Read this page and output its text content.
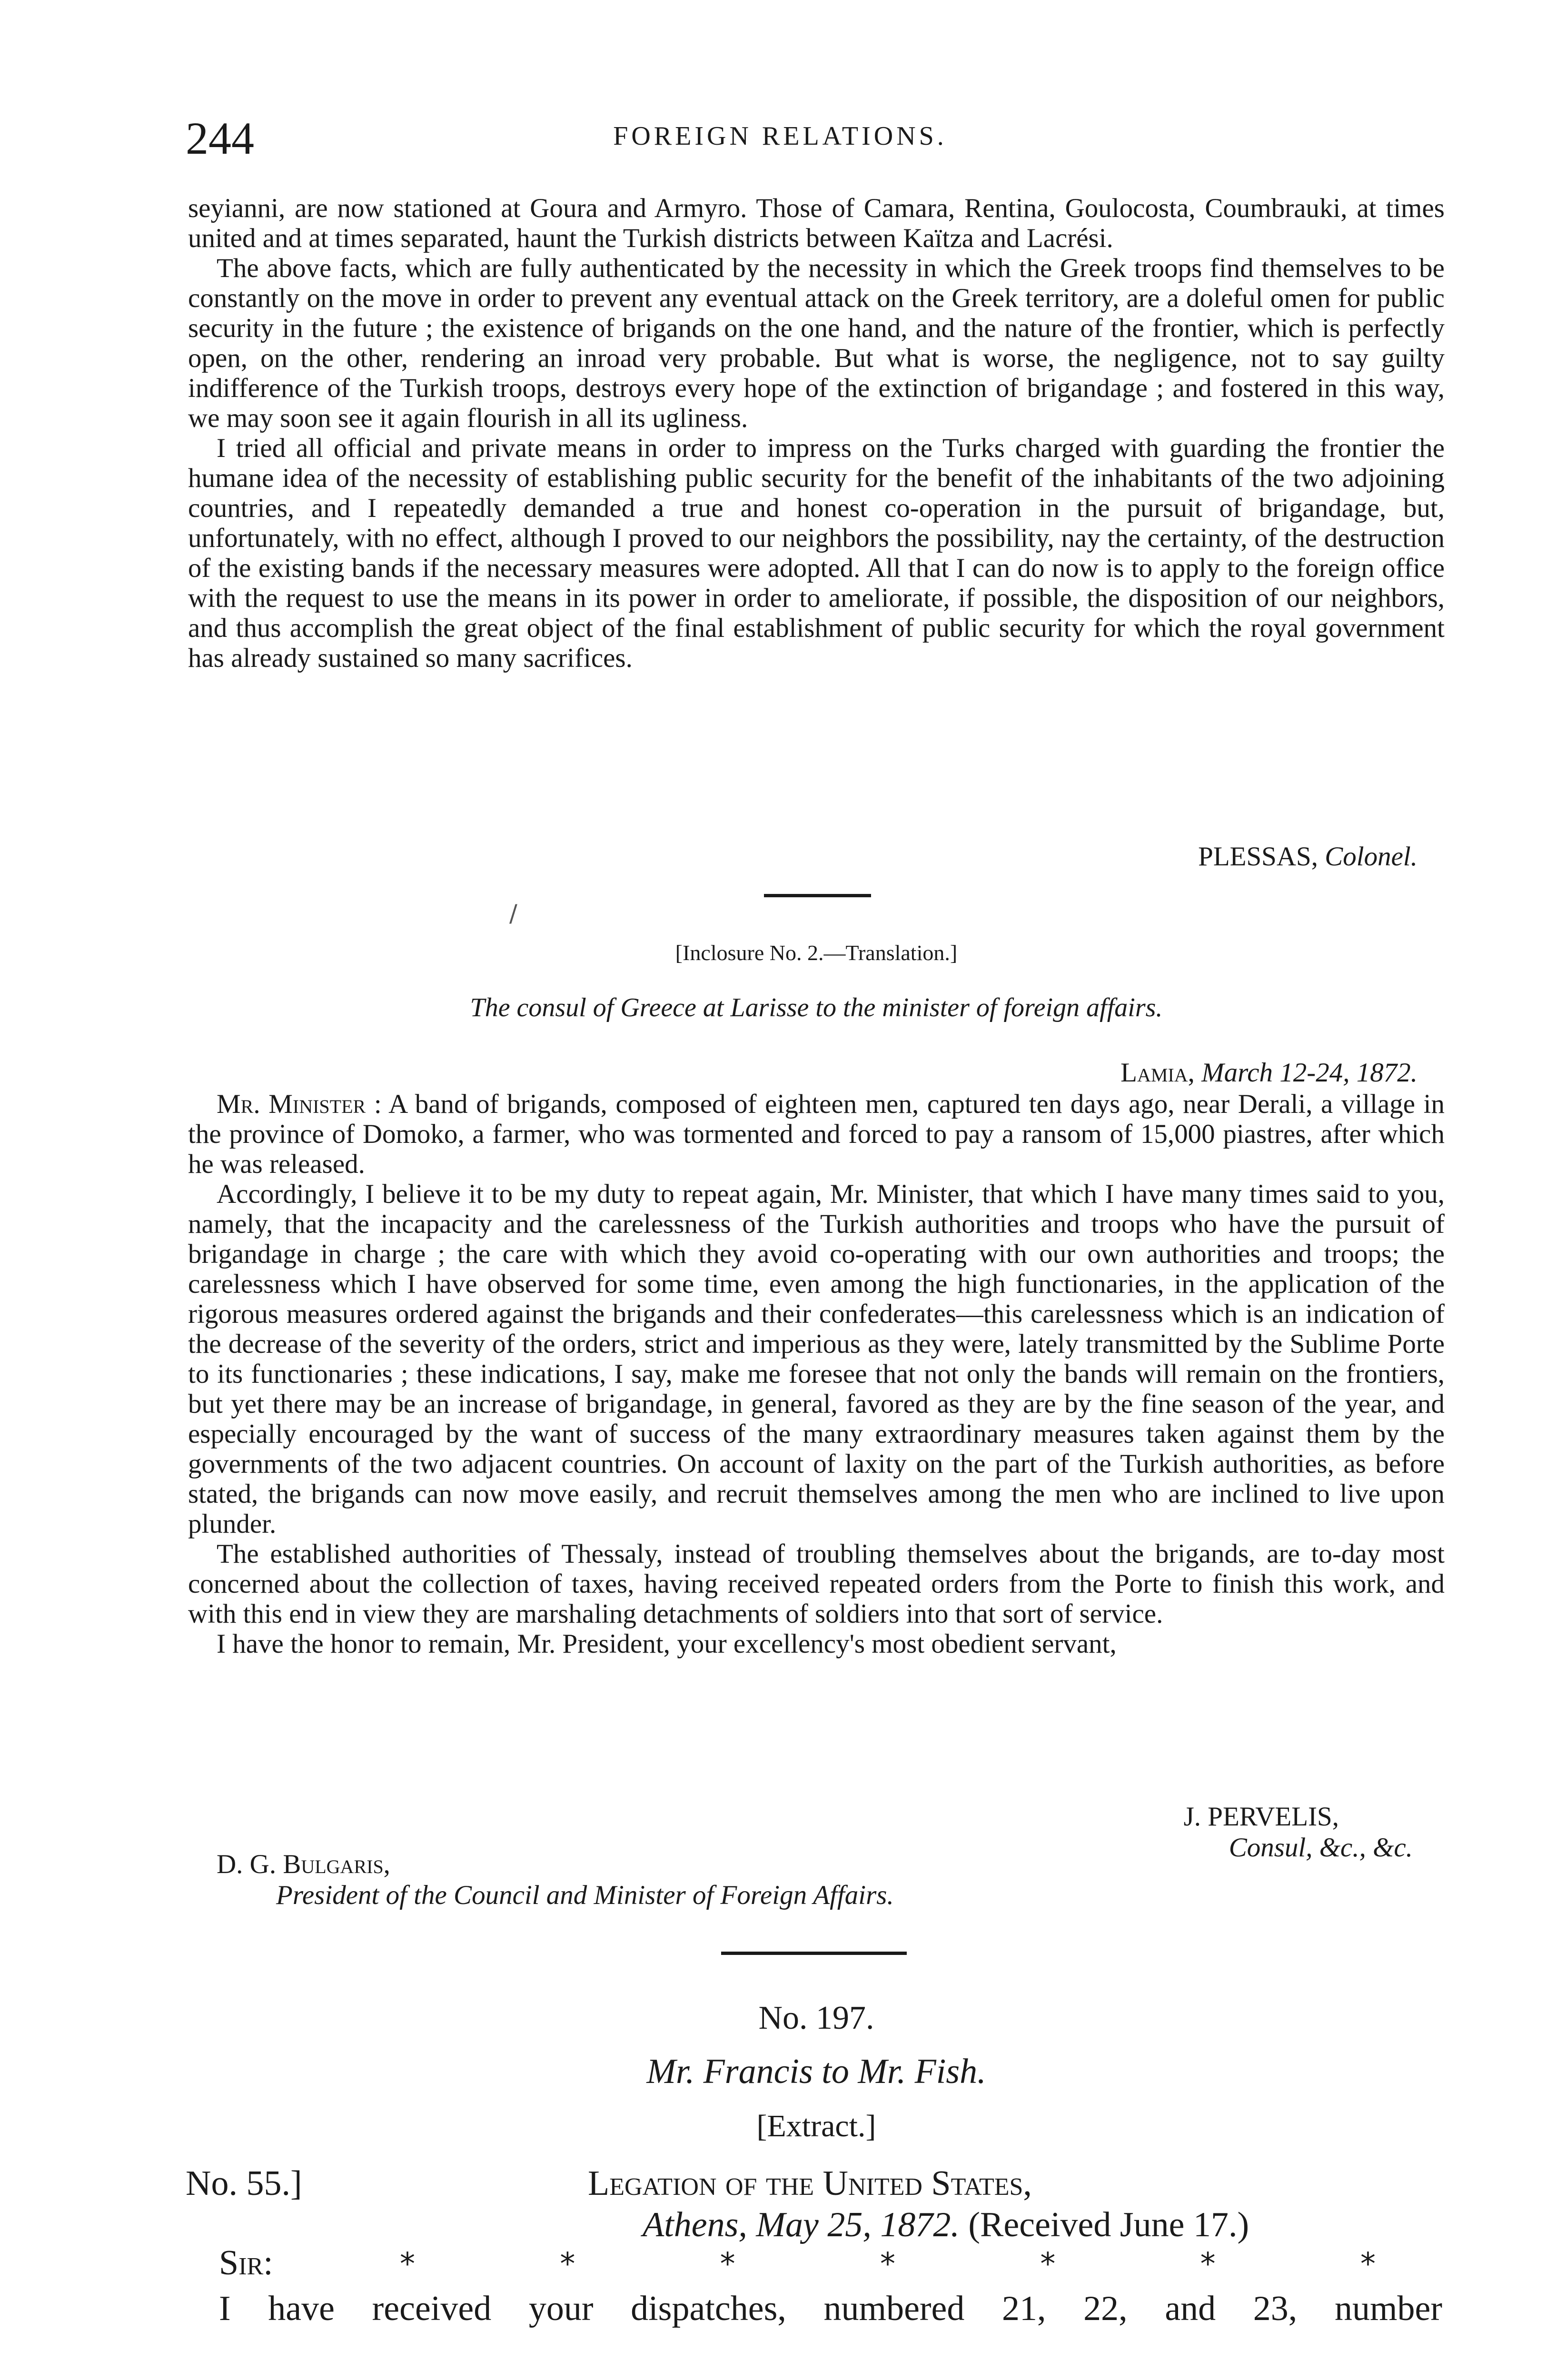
244	FOREIGN RELATIONS.

seyianni, are now stationed at Goura and Armyro. Those of Camara, Rentina, Goulocosta, Coumbrauki, at times united and at times separated, haunt the Turkish districts between Kaïtza and Lacrési.

The above facts, which are fully authenticated by the necessity in which the Greek troops find themselves to be constantly on the move in order to prevent any eventual attack on the Greek territory, are a doleful omen for public security in the future ; the existence of brigands on the one hand, and the nature of the frontier, which is perfectly open, on the other, rendering an inroad very probable. But what is worse, the negligence, not to say guilty indifference of the Turkish troops, destroys every hope of the extinction of brigandage ; and fostered in this way, we may soon see it again flourish in all its ugliness.

I tried all official and private means in order to impress on the Turks charged with guarding the frontier the humane idea of the necessity of establishing public security for the benefit of the inhabitants of the two adjoining countries, and I repeatedly demanded a true and honest co-operation in the pursuit of brigandage, but, unfortunately, with no effect, although I proved to our neighbors the possibility, nay the certainty, of the destruction of the existing bands if the necessary measures were adopted. All that I can do now is to apply to the foreign office with the request to use the means in its power in order to ameliorate, if possible, the disposition of our neighbors, and thus accomplish the great object of the final establishment of public security for which the royal government has already sustained so many sacrifices.

PLESSAS, Colonel.
/
[Inclosure No. 2.—Translation.]
The consul of Greece at Larisse to the minister of foreign affairs.
Lamia, March 12-24, 1872.

Mr. Minister : A band of brigands, composed of eighteen men, captured ten days ago, near Derali, a village in the province of Domoko, a farmer, who was tormented and forced to pay a ransom of 15,000 piastres, after which he was released.

Accordingly, I believe it to be my duty to repeat again, Mr. Minister, that which I have many times said to you, namely, that the incapacity and the carelessness of the Turkish authorities and troops who have the pursuit of brigandage in charge ; the care with which they avoid co-operating with our own authorities and troops; the carelessness which I have observed for some time, even among the high functionaries, in the application of the rigorous measures ordered against the brigands and their confederates—this carelessness which is an indication of the decrease of the severity of the orders, strict and imperious as they were, lately transmitted by the Sublime Porte to its functionaries ; these indications, I say, make me foresee that not only the bands will remain on the frontiers, but yet there may be an increase of brigandage, in general, favored as they are by the fine season of the year, and especially encouraged by the want of success of the many extraordinary measures taken against them by the governments of the two adjacent countries. On account of laxity on the part of the Turkish authorities, as before stated, the brigands can now move easily, and recruit themselves among the men who are inclined to live upon plunder.

The established authorities of Thessaly, instead of troubling themselves about the brigands, are to-day most concerned about the collection of taxes, having received repeated orders from the Porte to finish this work, and with this end in view they are marshaling detachments of soldiers into that sort of service.

I have the honor to remain, Mr. President, your excellency's most obedient servant,

J. PERVELIS,
Consul, &c., &c.
D. G. Bulgaris,
President of the Council and Minister of Foreign Affairs.
No. 197.
Mr. Francis to Mr. Fish.
[Extract.]
No. 55.]	Legation of the United States,
Athens, May 25, 1872. (Received June 17.)
Sir:	*	*	*	*	*	*	*
I have received your dispatches, numbered 21, 22, and 23, number
